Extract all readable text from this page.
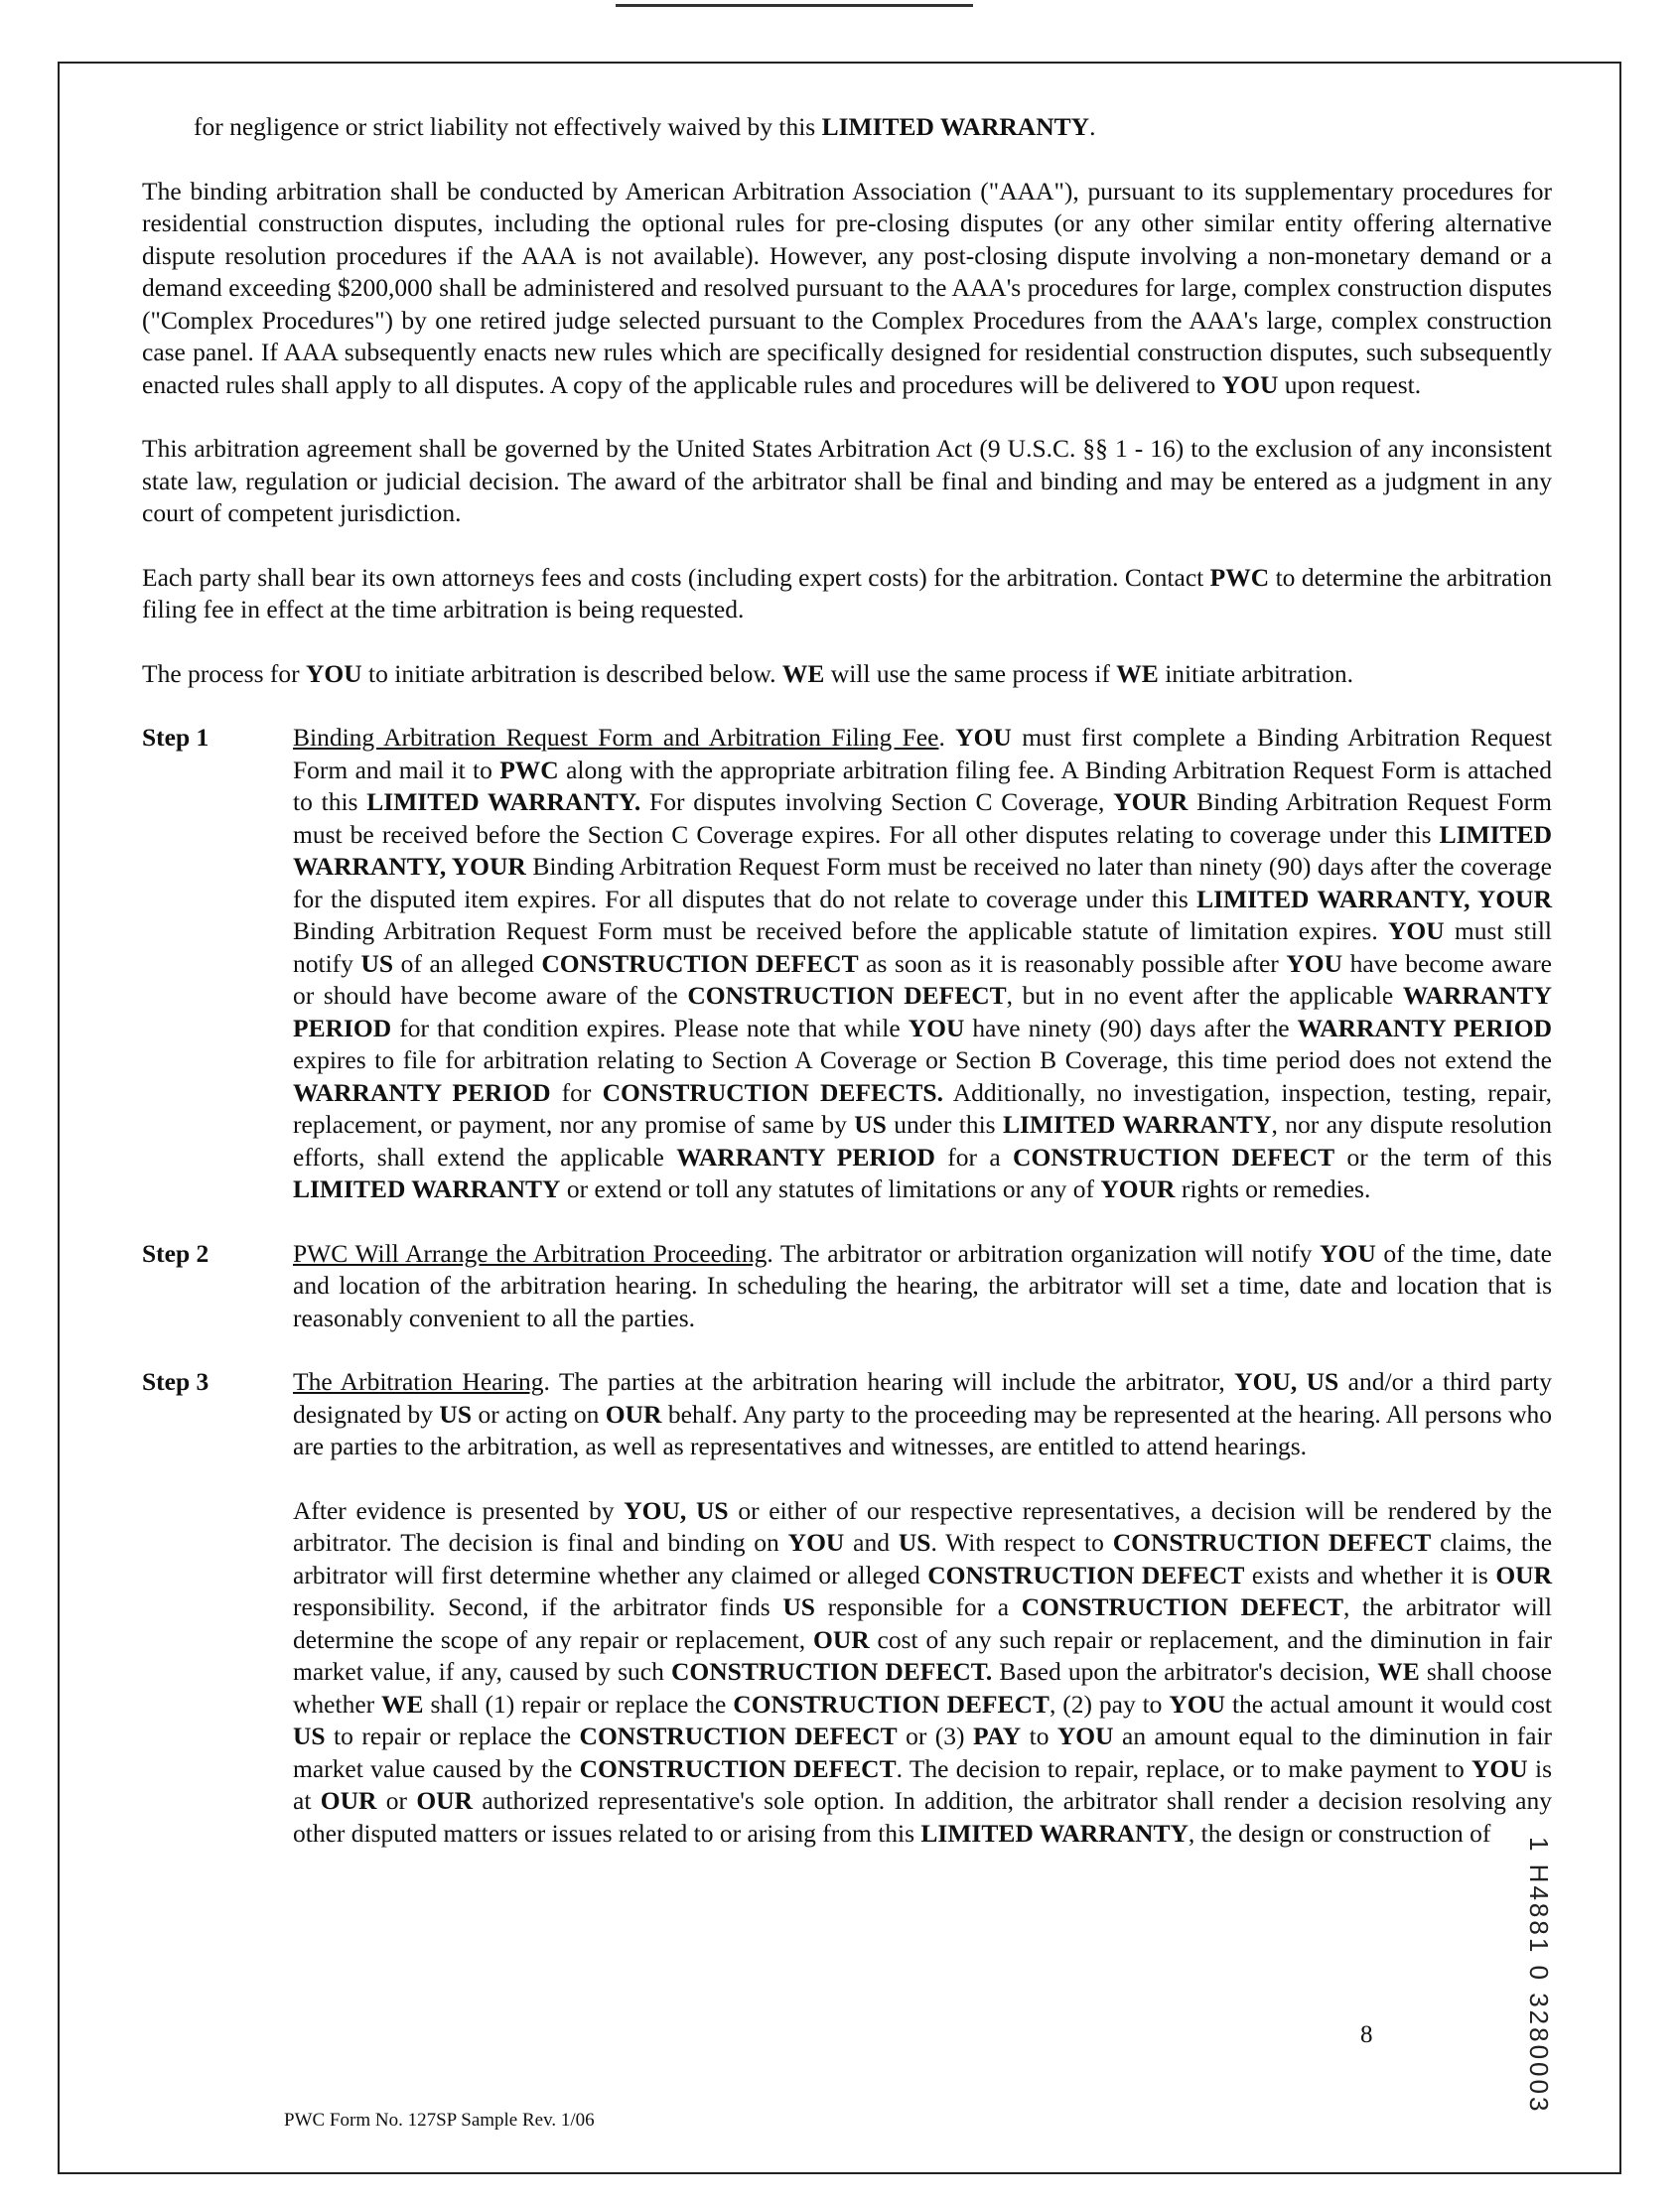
for negligence or strict liability not effectively waived by this LIMITED WARRANTY.

The binding arbitration shall be conducted by American Arbitration Association ("AAA"), pursuant to its supplementary procedures for residential construction disputes, including the optional rules for pre-closing disputes (or any other similar entity offering alternative dispute resolution procedures if the AAA is not available). However, any post-closing dispute involving a non-monetary demand or a demand exceeding $200,000 shall be administered and resolved pursuant to the AAA's procedures for large, complex construction disputes ("Complex Procedures") by one retired judge selected pursuant to the Complex Procedures from the AAA's large, complex construction case panel. If AAA subsequently enacts new rules which are specifically designed for residential construction disputes, such subsequently enacted rules shall apply to all disputes. A copy of the applicable rules and procedures will be delivered to YOU upon request.

This arbitration agreement shall be governed by the United States Arbitration Act (9 U.S.C. §§ 1 - 16) to the exclusion of any inconsistent state law, regulation or judicial decision. The award of the arbitrator shall be final and binding and may be entered as a judgment in any court of competent jurisdiction.

Each party shall bear its own attorneys fees and costs (including expert costs) for the arbitration. Contact PWC to determine the arbitration filing fee in effect at the time arbitration is being requested.

The process for YOU to initiate arbitration is described below. WE will use the same process if WE initiate arbitration.

Step 1	Binding Arbitration Request Form and Arbitration Filing Fee. YOU must first complete a Binding Arbitration Request Form and mail it to PWC along with the appropriate arbitration filing fee. A Binding Arbitration Request Form is attached to this LIMITED WARRANTY. For disputes involving Section C Coverage, YOUR Binding Arbitration Request Form must be received before the Section C Coverage expires. For all other disputes relating to coverage under this LIMITED WARRANTY, YOUR Binding Arbitration Request Form must be received no later than ninety (90) days after the coverage for the disputed item expires. For all disputes that do not relate to coverage under this LIMITED WARRANTY, YOUR Binding Arbitration Request Form must be received before the applicable statute of limitation expires. YOU must still notify US of an alleged CONSTRUCTION DEFECT as soon as it is reasonably possible after YOU have become aware or should have become aware of the CONSTRUCTION DEFECT, but in no event after the applicable WARRANTY PERIOD for that condition expires. Please note that while YOU have ninety (90) days after the WARRANTY PERIOD expires to file for arbitration relating to Section A Coverage or Section B Coverage, this time period does not extend the WARRANTY PERIOD for CONSTRUCTION DEFECTS. Additionally, no investigation, inspection, testing, repair, replacement, or payment, nor any promise of same by US under this LIMITED WARRANTY, nor any dispute resolution efforts, shall extend the applicable WARRANTY PERIOD for a CONSTRUCTION DEFECT or the term of this LIMITED WARRANTY or extend or toll any statutes of limitations or any of YOUR rights or remedies.

Step 2	PWC Will Arrange the Arbitration Proceeding. The arbitrator or arbitration organization will notify YOU of the time, date and location of the arbitration hearing. In scheduling the hearing, the arbitrator will set a time, date and location that is reasonably convenient to all the parties.

Step 3	The Arbitration Hearing. The parties at the arbitration hearing will include the arbitrator, YOU, US and/or a third party designated by US or acting on OUR behalf. Any party to the proceeding may be represented at the hearing. All persons who are parties to the arbitration, as well as representatives and witnesses, are entitled to attend hearings.

After evidence is presented by YOU, US or either of our respective representatives, a decision will be rendered by the arbitrator. The decision is final and binding on YOU and US. With respect to CONSTRUCTION DEFECT claims, the arbitrator will first determine whether any claimed or alleged CONSTRUCTION DEFECT exists and whether it is OUR responsibility. Second, if the arbitrator finds US responsible for a CONSTRUCTION DEFECT, the arbitrator will determine the scope of any repair or replacement, OUR cost of any such repair or replacement, and the diminution in fair market value, if any, caused by such CONSTRUCTION DEFECT. Based upon the arbitrator's decision, WE shall choose whether WE shall (1) repair or replace the CONSTRUCTION DEFECT, (2) pay to YOU the actual amount it would cost US to repair or replace the CONSTRUCTION DEFECT or (3) PAY to YOU an amount equal to the diminution in fair market value caused by the CONSTRUCTION DEFECT. The decision to repair, replace, or to make payment to YOU is at OUR or OUR authorized representative's sole option. In addition, the arbitrator shall render a decision resolving any other disputed matters or issues related to or arising from this LIMITED WARRANTY, the design or construction of

8
PWC Form No. 127SP Sample Rev. 1/06
1 H4881 0 3280003
